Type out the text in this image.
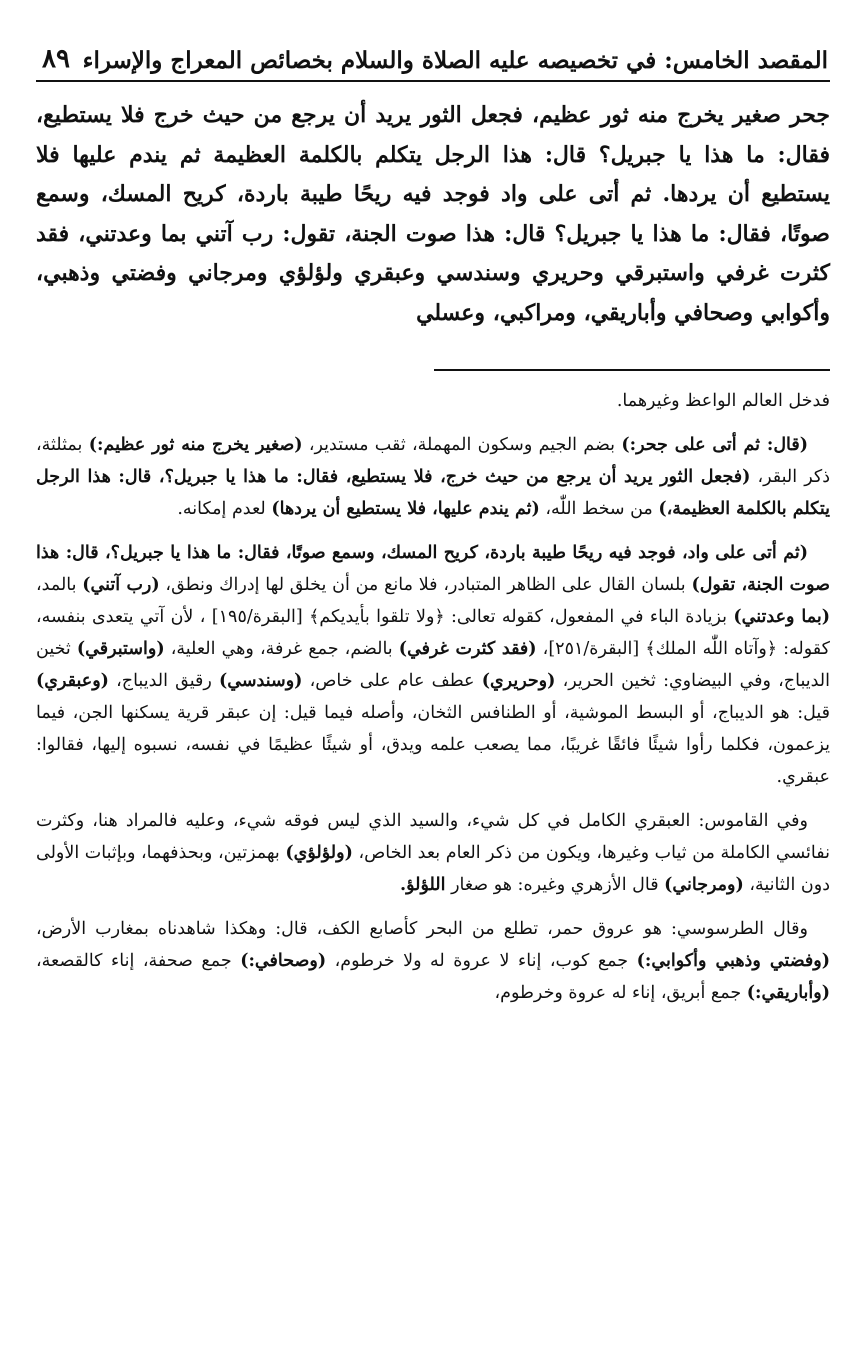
المقصد الخامس: في تخصيصه عليه الصلاة والسلام بخصائص المعراج والإسراء
٨٩
جحر صغير يخرج منه ثور عظيم، فجعل الثور يريد أن يرجع من حيث خرج فلا يستطيع، فقال: ما هذا يا جبريل؟ قال: هذا الرجل يتكلم بالكلمة العظيمة ثم يندم عليها فلا يستطيع أن يردها. ثم أتى على واد فوجد فيه ريحًا طيبة باردة، كريح المسك، وسمع صوتًا، فقال: ما هذا يا جبريل؟ قال: هذا صوت الجنة، تقول: رب آتني بما وعدتني، فقد كثرت غرفي واستبرقي وحريري وسندسي وعبقري ولؤلؤي ومرجاني وفضتي وذهبي، وأكوابي وصحافي وأباريقي، ومراكبي، وعسلي

فدخل العالم الواعظ وغيرهما.

(قال: ثم أتى على جحر:) بضم الجيم وسكون المهملة، ثقب مستدير، (صغير يخرج منه ثور عظيم:) بمثلثة، ذكر البقر، (فجعل الثور يريد أن يرجع من حيث خرج، فلا يستطيع، فقال: ما هذا يا جبريل؟، قال: هذا الرجل يتكلم بالكلمة العظيمة،) من سخط اللّٰه، (ثم يندم عليها، فلا يستطيع أن يردها) لعدم إمكانه.

(ثم أتى على واد، فوجد فيه ريحًا طيبة باردة، كريح المسك، وسمع صوتًا، فقال: ما هذا يا جبريل؟، قال: هذا صوت الجنة، تقول) بلسان القال على الظاهر المتبادر، فلا مانع من أن يخلق لها إدراك ونطق، (رب آتني) بالمد، (بما وعدتني) بزيادة الباء في المفعول، كقوله تعالى: ﴿ولا تلقوا بأيديكم﴾ [البقرة/١٩٥] ، لأن آتي يتعدى بنفسه، كقوله: ﴿وآتاه اللّٰه الملك﴾ [البقرة/٢٥١]، (فقد كثرت غرفي) بالضم، جمع غرفة، وهي العلية، (واستبرقي) ثخين الديباج، وفي البيضاوي: ثخين الحرير، (وحريري) عطف عام على خاص، (وسندسي) رقيق الديباج، (وعبقري) قيل: هو الديباج، أو البسط الموشية، أو الطنافس الثخان، وأصله فيما قيل: إن عبقر قرية يسكنها الجن، فيما يزعمون، فكلما رأوا شيئًا فائقًا غريبًا، مما يصعب علمه ويدق، أو شيئًا عظيمًا في نفسه، نسبوه إليها، فقالوا: عبقري.

وفي القاموس: العبقري الكامل في كل شيء، والسيد الذي ليس فوقه شيء، وعليه فالمراد هنا، وكثرت نفائسي الكاملة من ثياب وغيرها، ويكون من ذكر العام بعد الخاص، (ولؤلؤي) بهمزتين، وبحذفهما، وبإثبات الأولى دون الثانية، (ومرجاني) قال الأزهري وغيره: هو صغار اللؤلؤ.

وقال الطرسوسي: هو عروق حمر، تطلع من البحر كأصابع الكف، قال: وهكذا شاهدناه بمغارب الأرض، (وفضتي وذهبي وأكوابي:) جمع كوب، إناء لا عروة له ولا خرطوم، (وصحافي:) جمع صحفة، إناء كالقصعة، (وأباريقي:) جمع أبريق، إناء له عروة وخرطوم،
